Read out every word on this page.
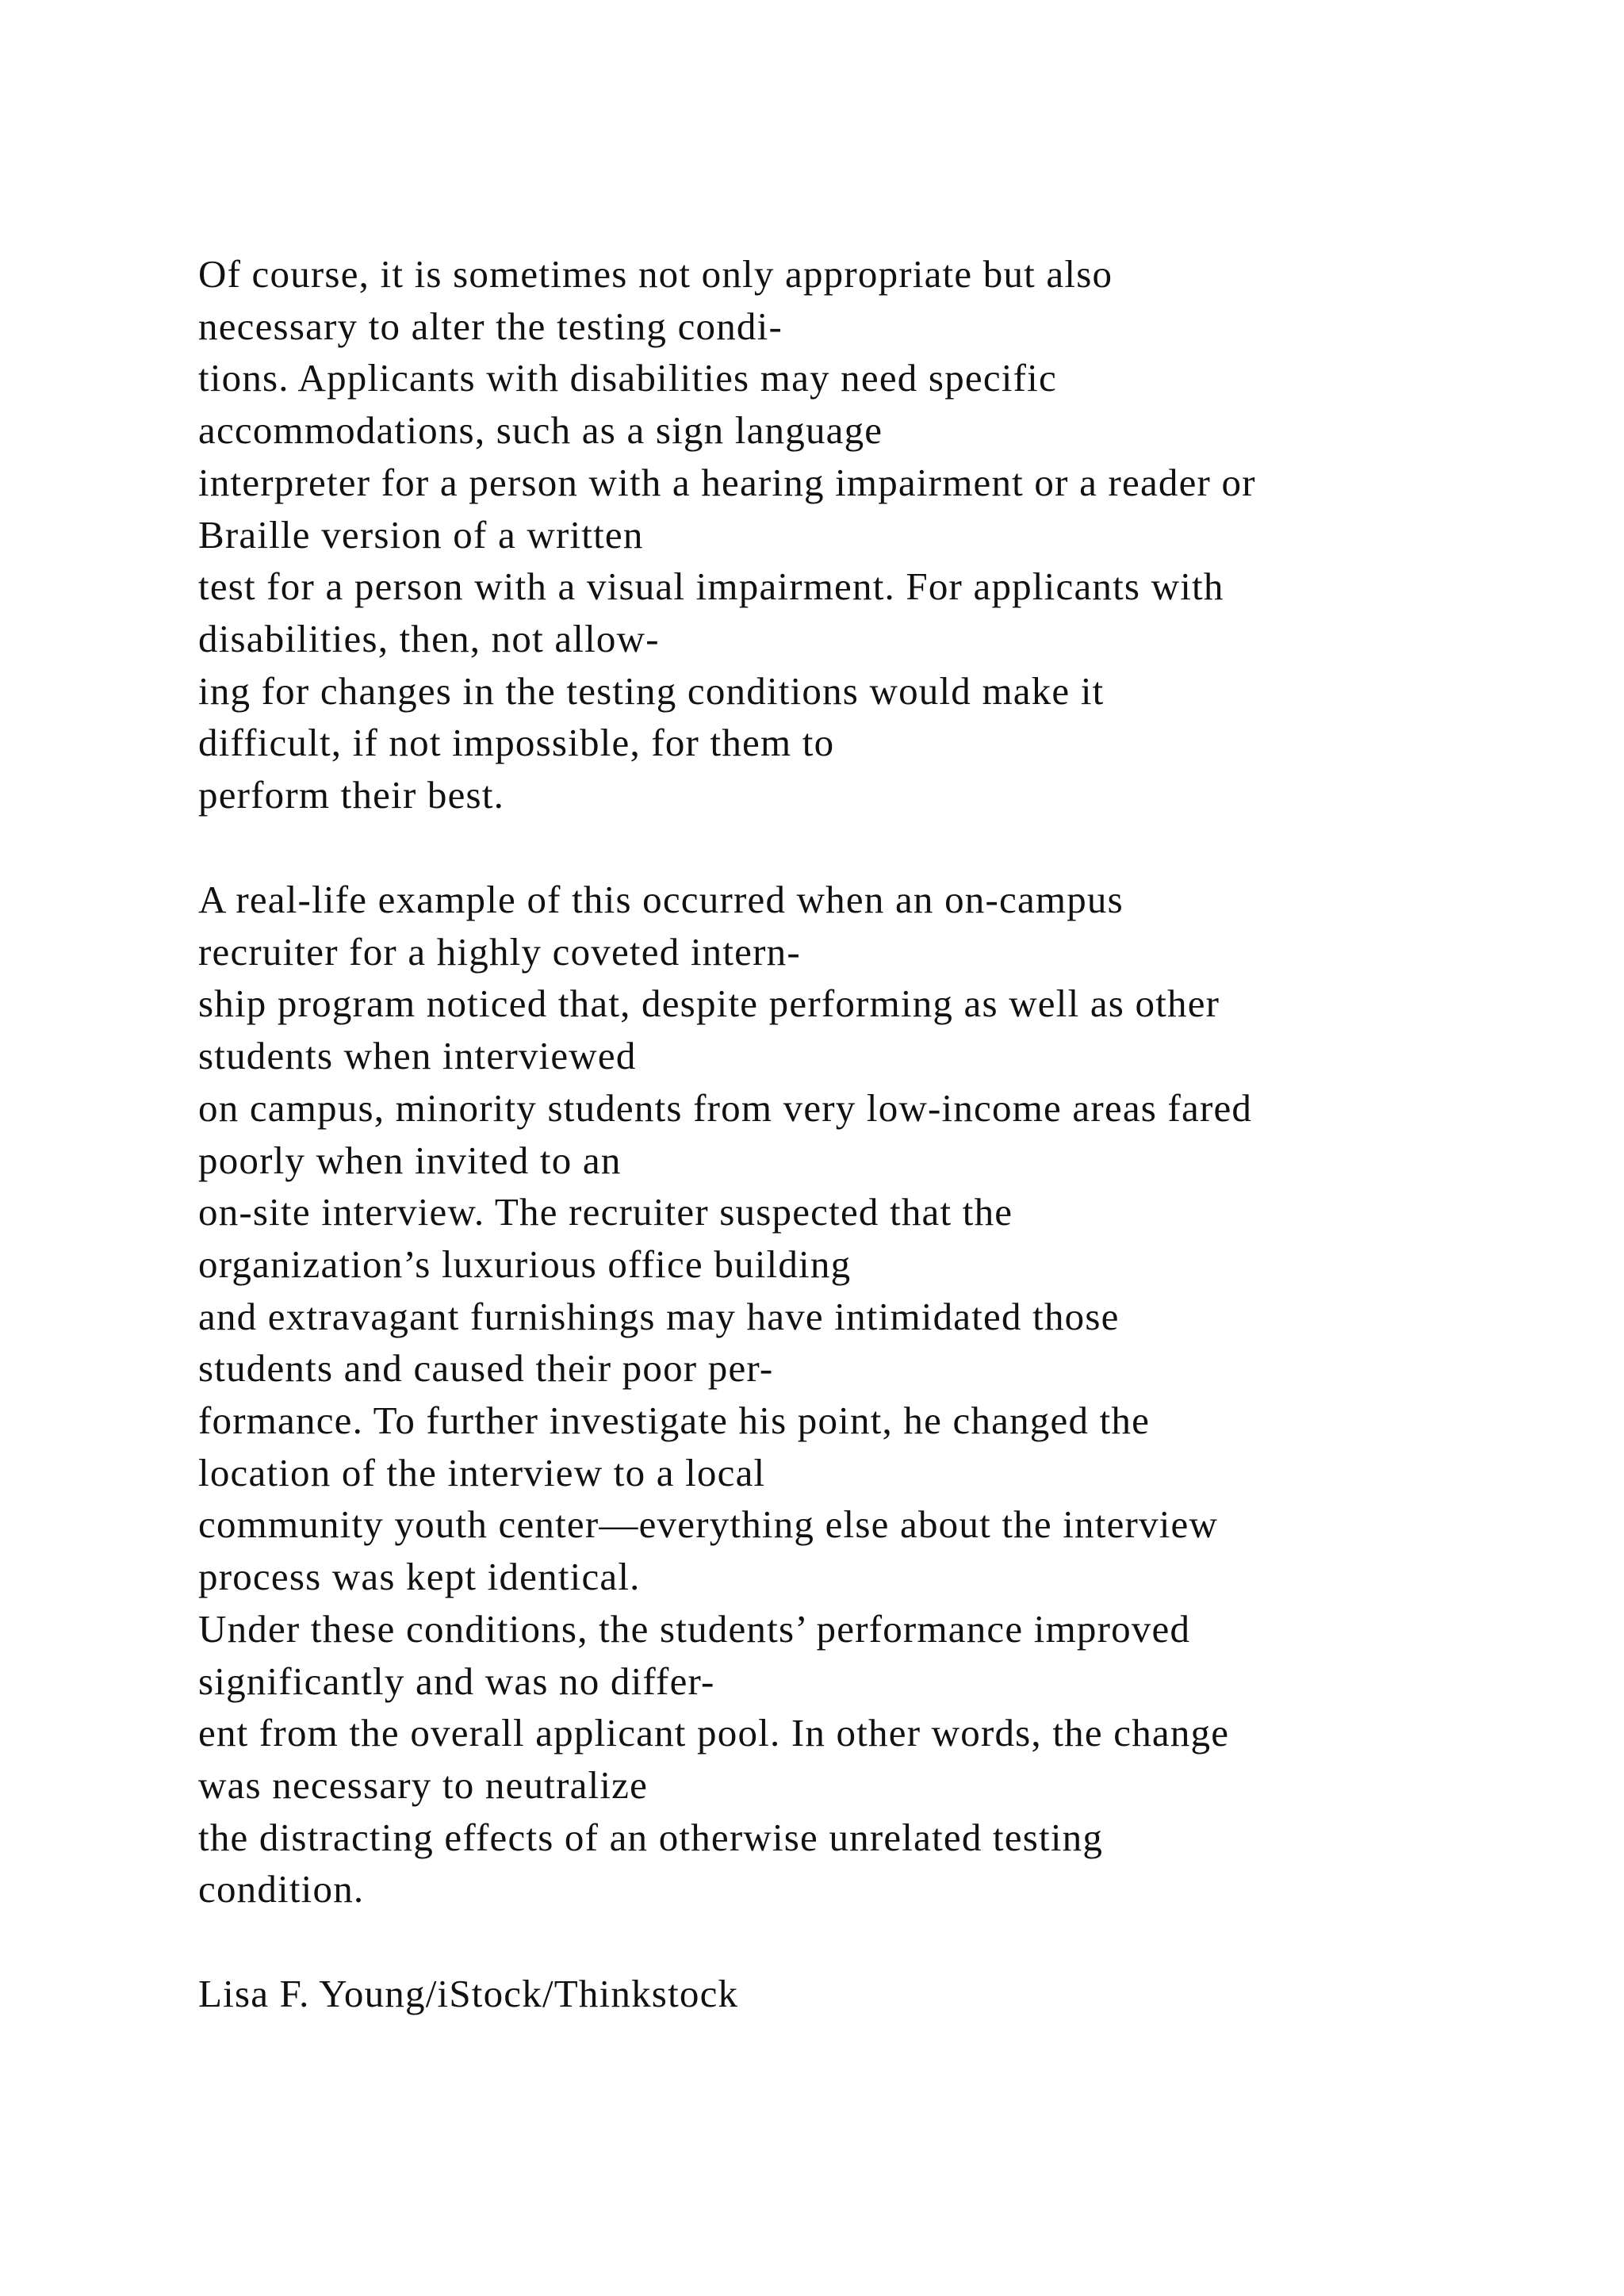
Of course, it is sometimes not only appropriate but also
necessary to alter the testing condi-
tions. Applicants with disabilities may need specific
accommodations, such as a sign language
interpreter for a person with a hearing impairment or a reader or
Braille version of a written
test for a person with a visual impairment. For applicants with
disabilities, then, not allow-
ing for changes in the testing conditions would make it
difficult, if not impossible, for them to
perform their best.

A real-life example of this occurred when an on-campus
recruiter for a highly coveted intern-
ship program noticed that, despite performing as well as other
students when interviewed
on campus, minority students from very low-income areas fared
poorly when invited to an
on-site interview. The recruiter suspected that the
organization’s luxurious office building
and extravagant furnishings may have intimidated those
students and caused their poor per-
formance. To further investigate his point, he changed the
location of the interview to a local
community youth center—everything else about the interview
process was kept identical.
Under these conditions, the students’ performance improved
significantly and was no differ-
ent from the overall applicant pool. In other words, the change
was necessary to neutralize
the distracting effects of an otherwise unrelated testing
condition.

Lisa F. Young/iStock/Thinkstock
